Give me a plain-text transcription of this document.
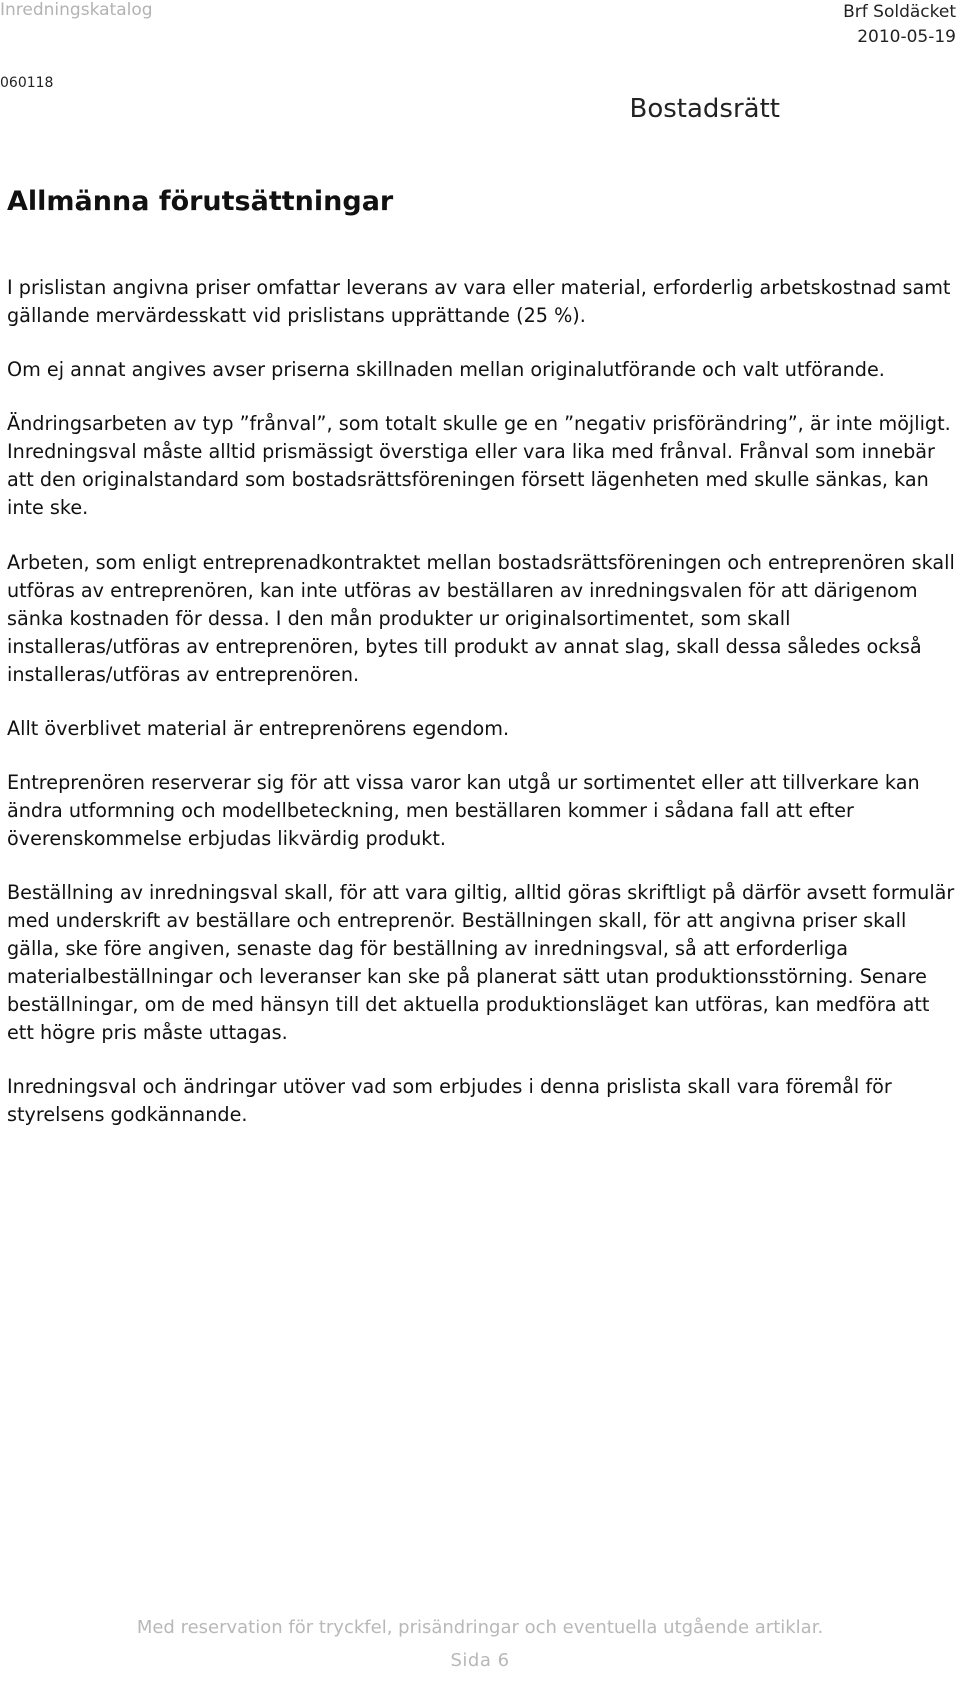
Inredningskatalog	Brf Soldäcket
2010-05-19
060118
Bostadsrätt
Allmänna förutsättningar

I prislistan angivna priser omfattar leverans av vara eller material, erforderlig arbetskostnad samt gällande mervärdesskatt vid prislistans upprättande (25 %).

Om ej annat angives avser priserna skillnaden mellan originalutförande och valt utförande.

Ändringsarbeten av typ ”frånval”, som totalt skulle ge en ”negativ prisförändring”, är inte möjligt. Inredningsval måste alltid prismässigt överstiga eller vara lika med frånval. Frånval som innebär att den originalstandard som bostadsrättsföreningen försett lägenheten med skulle sänkas, kan inte ske.

Arbeten, som enligt entreprenadkontraktet mellan bostadsrättsföreningen och entreprenören skall utföras av entreprenören, kan inte utföras av beställaren av inredningsvalen för att därigenom sänka kostnaden för dessa. I den mån produkter ur originalsortimentet, som skall installeras/utföras av entreprenören, bytes till produkt av annat slag, skall dessa således också installeras/utföras av entreprenören.

Allt överblivet material är entreprenörens egendom.

Entreprenören reserverar sig för att vissa varor kan utgå ur sortimentet eller att tillverkare kan ändra utformning och modellbeteckning, men beställaren kommer i sådana fall att efter överenskommelse erbjudas likvärdig produkt.

Beställning av inredningsval skall, för att vara giltig, alltid göras skriftligt på därför avsett formulär med underskrift av beställare och entreprenör. Beställningen skall, för att angivna priser skall gälla, ske före angiven, senaste dag för beställning av inredningsval, så att erforderliga materialbeställningar och leveranser kan ske på planerat sätt utan produktionsstörning. Senare beställningar, om de med hänsyn till det aktuella produktionsläget kan utföras, kan medföra att ett högre pris måste uttagas.

Inredningsval och ändringar utöver vad som erbjudes i denna prislista skall vara föremål för styrelsens godkännande.

Med reservation för tryckfel, prisändringar och eventuella utgående artiklar.
Sida 6
